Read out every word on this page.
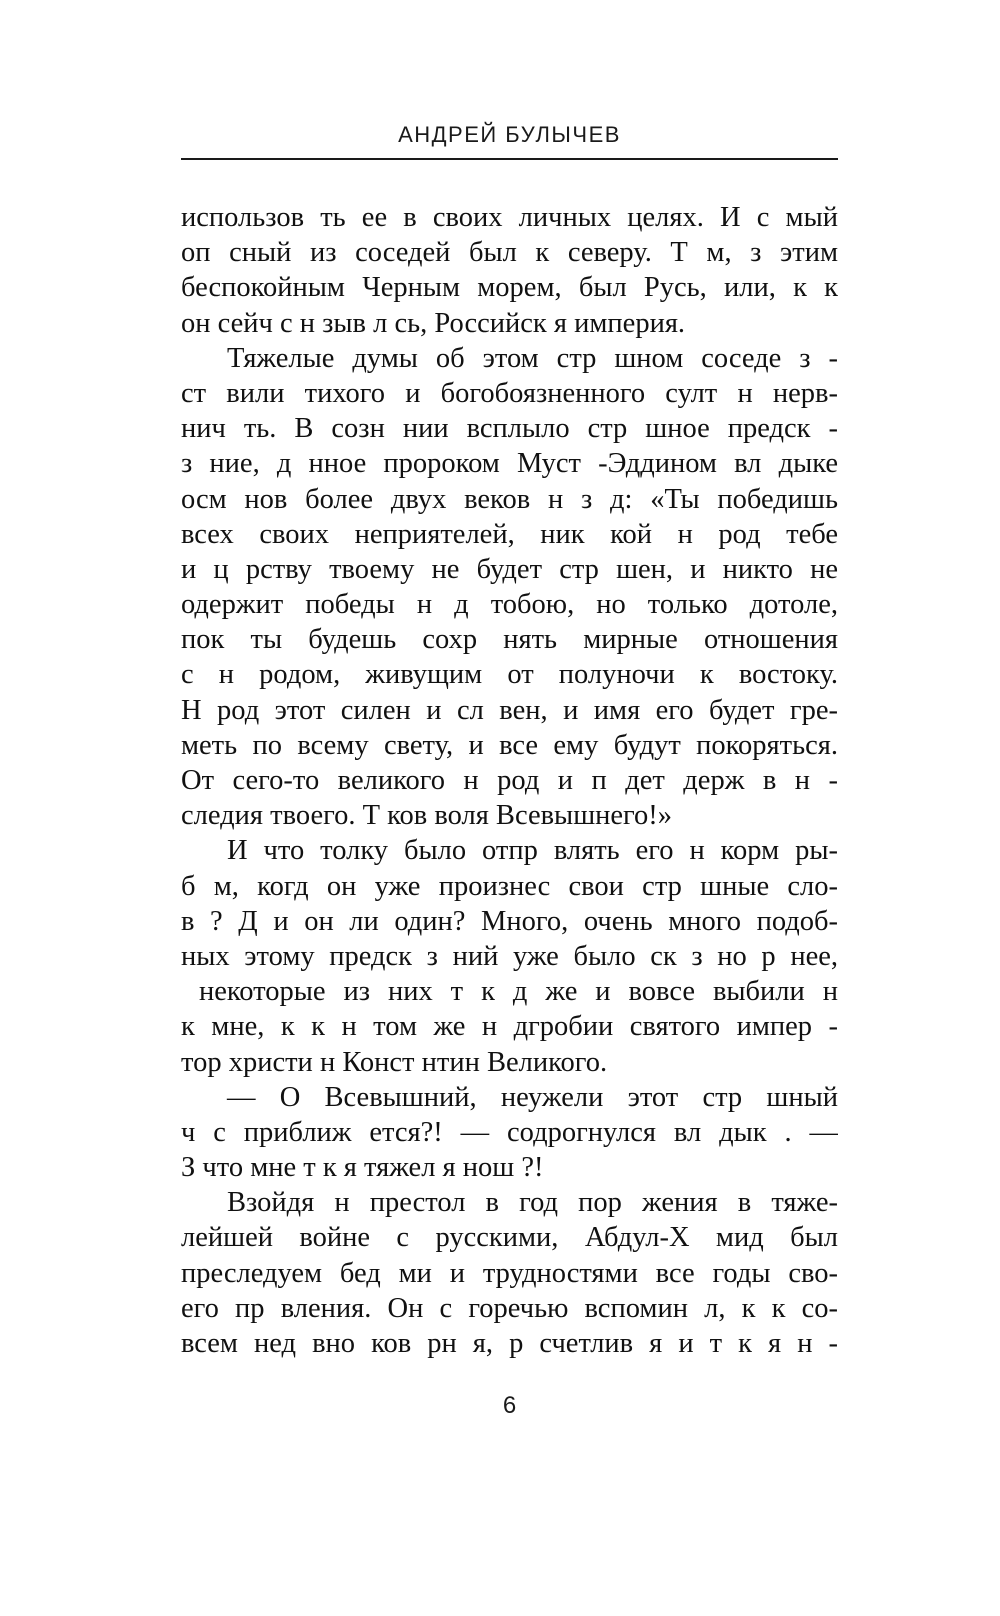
АНДРЕЙ БУЛЫЧЕВ
использов ть ее в своих личных целях. И с мый
оп сный из соседей был к северу. Т м, з этим
беспокойным Черным морем, был Русь, или, к к
он сейч с н зыв л сь, Российск я империя.
Тяжелые думы об этом стр шном соседе з -
ст вили тихого и богобоязненного султ н нерв-
нич ть. В созн нии всплыло стр шное предск -
з ние, д нное пророком Муст -Эддином вл дыке
осм нов более двух веков н з д: «Ты победишь
всех своих неприятелей, ник кой н род тебе
и ц рству твоему не будет стр шен, и никто не
одержит победы н д тобою, но только дотоле,
пок ты будешь сохр нять мирные отношения
с н родом, живущим от полуночи к востоку.
Н род этот силен и сл вен, и имя его будет гре-
меть по всему свету, и все ему будут покоряться.
От сего-то великого н род и п дет держ в н -
следия твоего. Т ков воля Всевышнего!»
И что толку было отпр влять его н корм ры-
б м, когд он уже произнес свои стр шные сло-
в ? Д и он ли один? Много, очень много подоб-
ных этому предск з ний уже было ск з но р нее,
некоторые из них т к д же и вовсе выбили н
к мне, к к н том же н дгробии святого импер -
тор христи н Конст нтин Великого.
— О Всевышний, неужели этот стр шный
ч с приближ ется?! — содрогнулся вл дык . —
З что мне т к я тяжел я нош ?!
Взойдя н престол в год пор жения в тяже-
лейшей войне с русскими, Абдул-Х мид был
преследуем бед ми и трудностями все годы сво-
его пр вления. Он с горечью вспомин л, к к со-
всем нед вно ков рн я, р счетлив я и т к я н -
6
